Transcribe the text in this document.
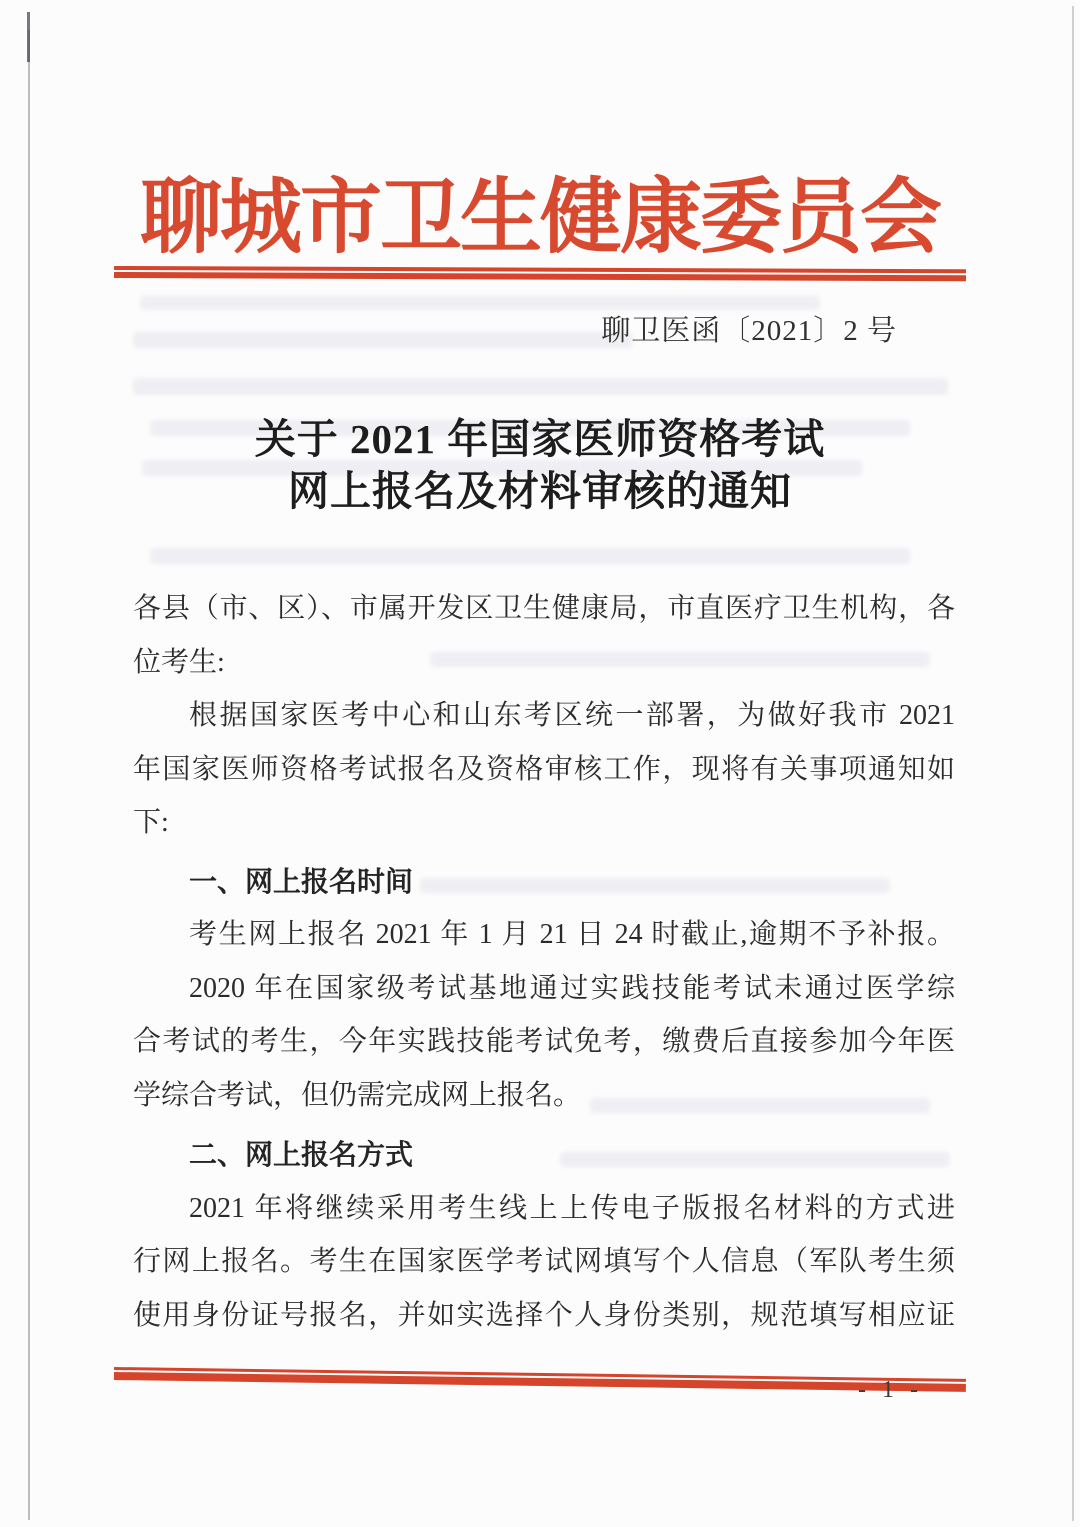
聊城市卫生健康委员会
聊卫医函〔2021〕2 号
关于 2021 年国家医师资格考试
网上报名及材料审核的通知
各县（市、区）、市属开发区卫生健康局，市直医疗卫生机构，各
位考生:
根据国家医考中心和山东考区统一部署，为做好我市 2021
年国家医师资格考试报名及资格审核工作，现将有关事项通知如
下:
一、网上报名时间
考生网上报名 2021 年 1 月 21 日 24 时截止,逾期不予补报。
2020 年在国家级考试基地通过实践技能考试未通过医学综
合考试的考生，今年实践技能考试免考，缴费后直接参加今年医
学综合考试，但仍需完成网上报名。
二、网上报名方式
2021 年将继续采用考生线上上传电子版报名材料的方式进
行网上报名。考生在国家医学考试网填写个人信息（军队考生须
使用身份证号报名，并如实选择个人身份类别，规范填写相应证
- 1 -
